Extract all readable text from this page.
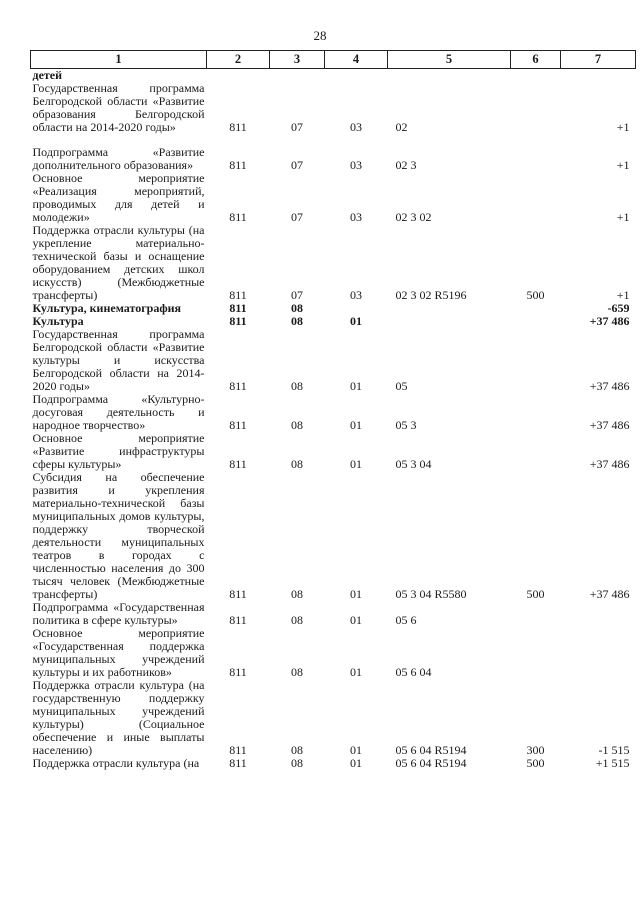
28
1	2	3	4	5	6	7
детей						
Государственная программа Белгородской области «Развитие образования Белгородской области на 2014-2020 годы»	811	07	03	02		+1
Подпрограмма «Развитие дополнительного образования»	811	07	03	02 3		+1
Основное мероприятие «Реализация мероприятий, проводимых для детей и молодежи»	811	07	03	02 3 02		+1
Поддержка отрасли культуры (на укрепление материально-технической базы и оснащение оборудованием детских школ искусств) (Межбюджетные трансферты)	811	07	03	02 3 02 R5196	500	+1
Культура, кинематография	811	08				-659
Культура	811	08	01			+37 486
Государственная программа Белгородской области «Развитие культуры и искусства Белгородской области на 2014-2020 годы»	811	08	01	05		+37 486
Подпрограмма «Культурно-досуговая деятельность и народное творчество»	811	08	01	05 3		+37 486
Основное мероприятие «Развитие инфраструктуры сферы культуры»	811	08	01	05 3 04		+37 486
Субсидия на обеспечение развития и укрепления материально-технической базы муниципальных домов культуры, поддержку творческой деятельности муниципальных театров в городах с численностью населения до 300 тысяч человек (Межбюджетные трансферты)	811	08	01	05 3 04 R5580	500	+37 486
Подпрограмма «Государственная политика в сфере культуры»	811	08	01	05 6		
Основное мероприятие «Государственная поддержка муниципальных учреждений культуры и их работников»	811	08	01	05 6 04		
Поддержка отрасли культура (на государственную поддержку муниципальных учреждений культуры) (Социальное обеспечение и иные выплаты населению)	811	08	01	05 6 04 R5194	300	-1 515
Поддержка отрасли культура (на	811	08	01	05 6 04 R5194	500	+1 515
